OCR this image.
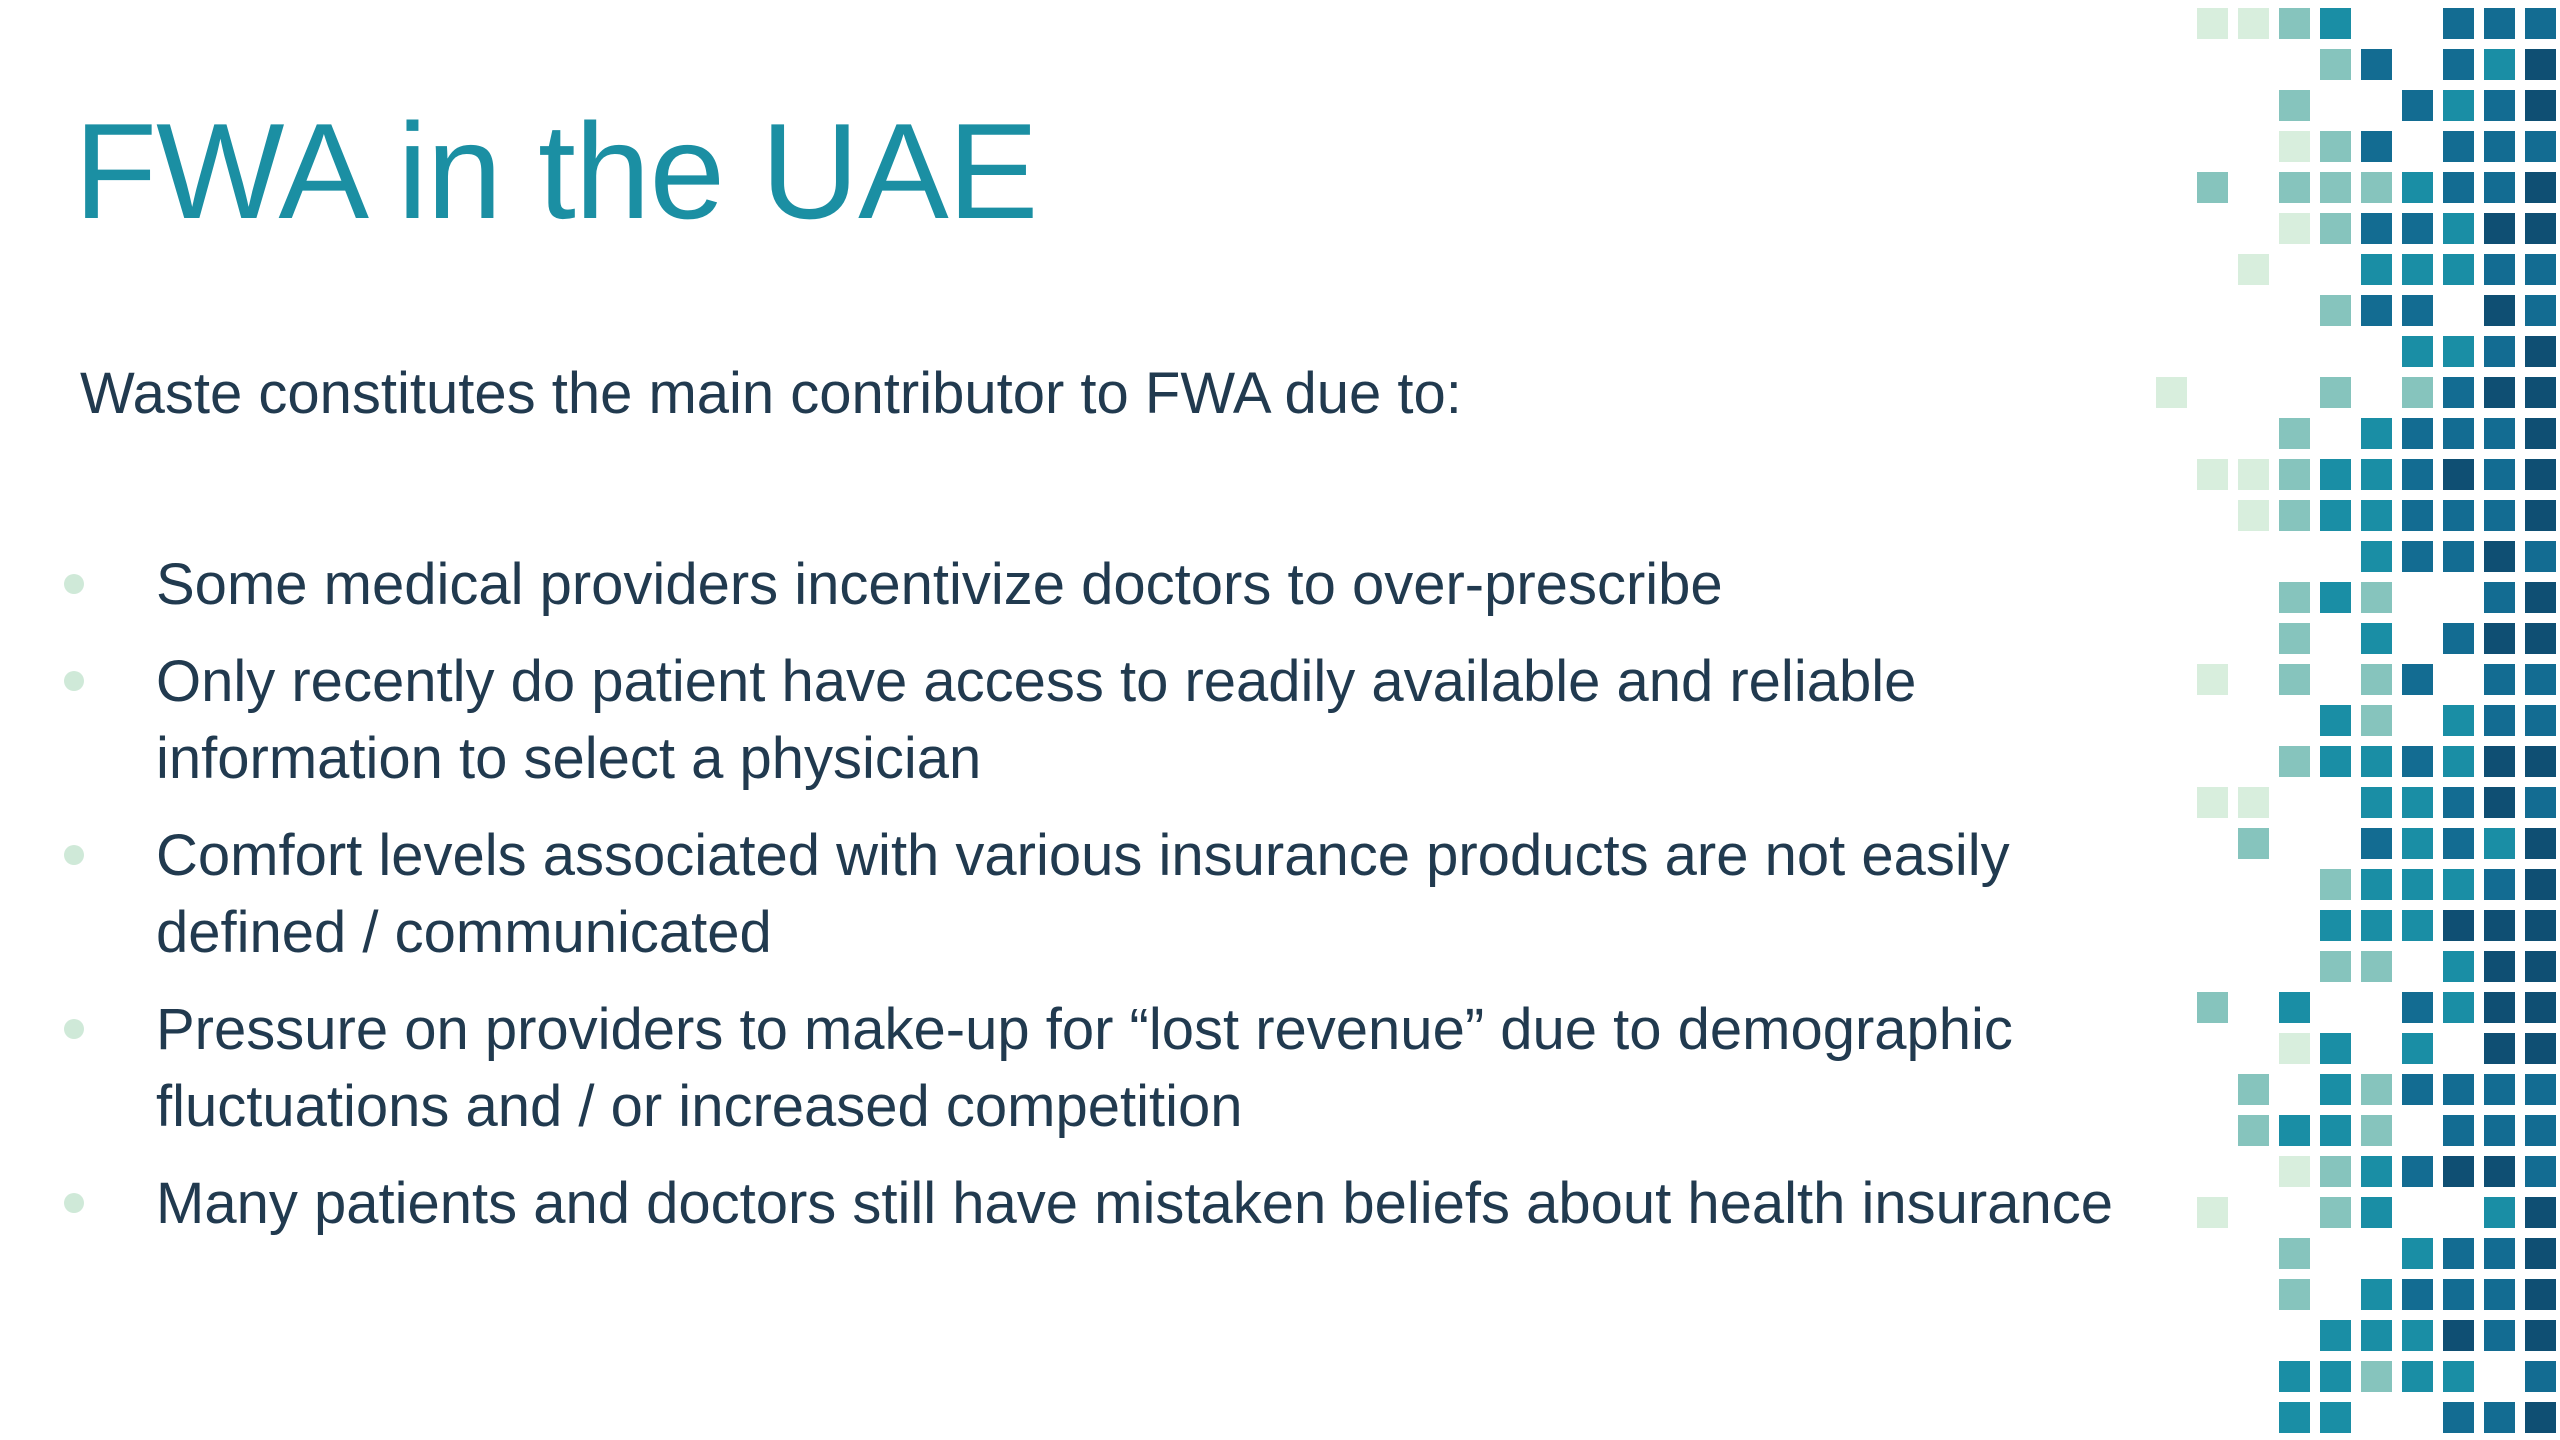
FWA in the UAE

Waste constitutes the main contributor to FWA due to:

Some medical providers incentivize doctors to over-prescribe
Only recently do patient have access to readily available and reliable information to select a physician
Comfort levels associated with various insurance products are not easily defined / communicated
Pressure on providers to make-up for “lost revenue” due to demographic fluctuations and / or increased competition
Many patients and doctors still have mistaken beliefs about health insurance
